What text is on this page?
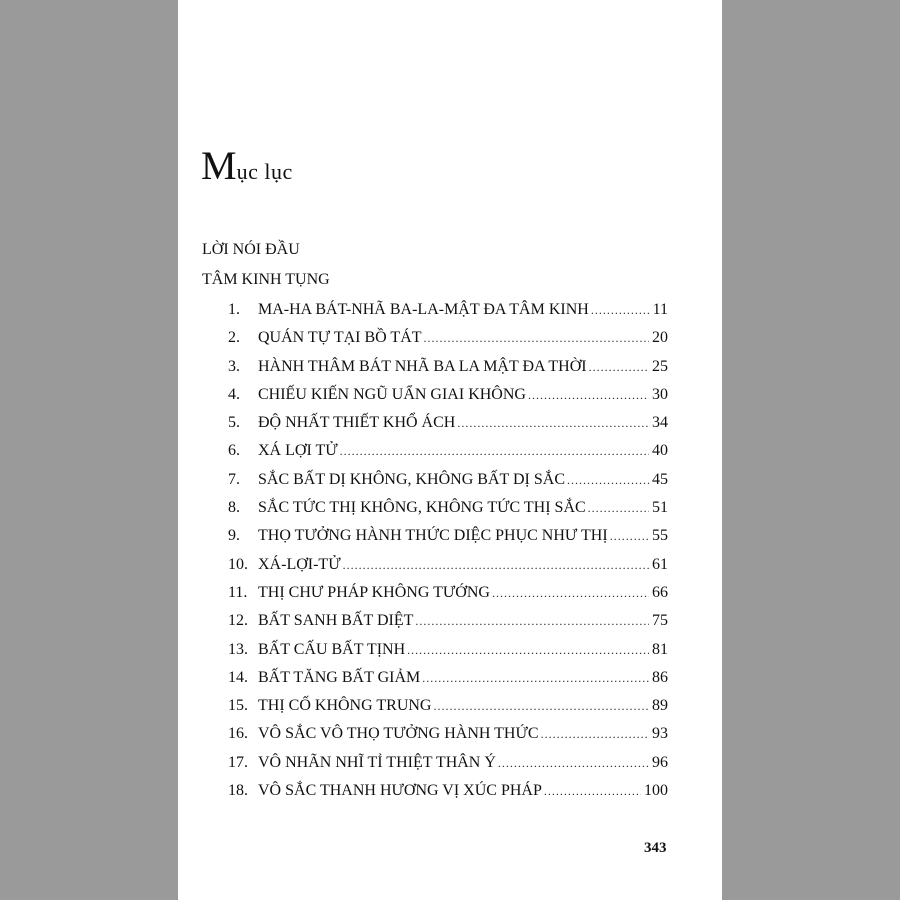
Mục lục
LỜI NÓI ĐẦU
TÂM KINH TỤNG
1.	MA-HA BÁT-NHÃ BA-LA-MẬT ĐA TÂM KINH .....	11
2.	QUÁN TỰ TẠI BỒ TÁT .....	20
3.	HÀNH THÂM BÁT NHÃ BA LA MẬT ĐA THỜI .....	25
4.	CHIẾU KIẾN NGŨ UẨN GIAI KHÔNG .....	30
5.	ĐỘ NHẤT THIẾT KHỔ ÁCH .....	34
6.	XÁ LỢI TỬ .....	40
7.	SẮC BẤT DỊ KHÔNG, KHÔNG BẤT DỊ SẮC .....	45
8.	SẮC TỨC THỊ KHÔNG, KHÔNG TỨC THỊ SẮC .....	51
9.	THỌ TƯỞNG HÀNH THỨC DIỆC PHỤC NHƯ THỊ .....	55
10. XÁ-LỢI-TỬ .....	61
11. THỊ CHƯ PHÁP KHÔNG TƯỚNG .....	66
12. BẤT SANH BẤT DIỆT .....	75
13. BẤT CẤU BẤT TỊNH .....	81
14. BẤT TĂNG BẤT GIẢM .....	86
15. THỊ CỐ KHÔNG TRUNG .....	89
16. VÔ SẮC VÔ THỌ TƯỞNG HÀNH THỨC .....	93
17. VÔ NHÃN NHĨ TỈ THIỆT THÂN Ý .....	96
18. VÔ SẮC THANH HƯƠNG VỊ XÚC PHÁP .....	100
343
